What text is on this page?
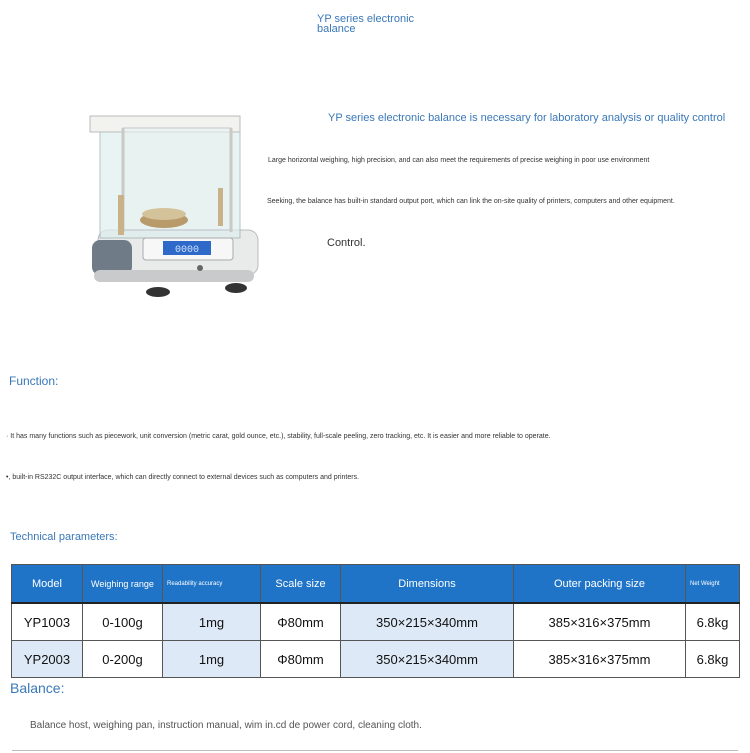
YP series electronic balance
0000
YP series electronic balance is necessary for laboratory analysis or quality control
Large horizontal weighing, high precision, and can also meet the requirements of precise weighing in poor use environment
Seeking, the balance has built-in standard output port, which can link the on-site quality of printers, computers and other equipment.
Control.
Function:
· It has many functions such as piecework, unit conversion (metric carat, gold ounce, etc.), stability, full-scale peeling, zero tracking, etc. It is easier and more reliable to operate.
•, built-in RS232C output interface, which can directly connect to external devices such as computers and printers.
Technical parameters:
Model	Weighing range	Readability accuracy	Scale size	Dimensions	Outer packing size	Net Weight
YP1003	0-100g	1mg	Φ80mm	350×215×340mm	385×316×375mm	6.8kg
YP2003	0-200g	1mg	Φ80mm	350×215×340mm	385×316×375mm	6.8kg
Balance:
Balance host, weighing pan, instruction manual, wim in.cd de power cord, cleaning cloth.
